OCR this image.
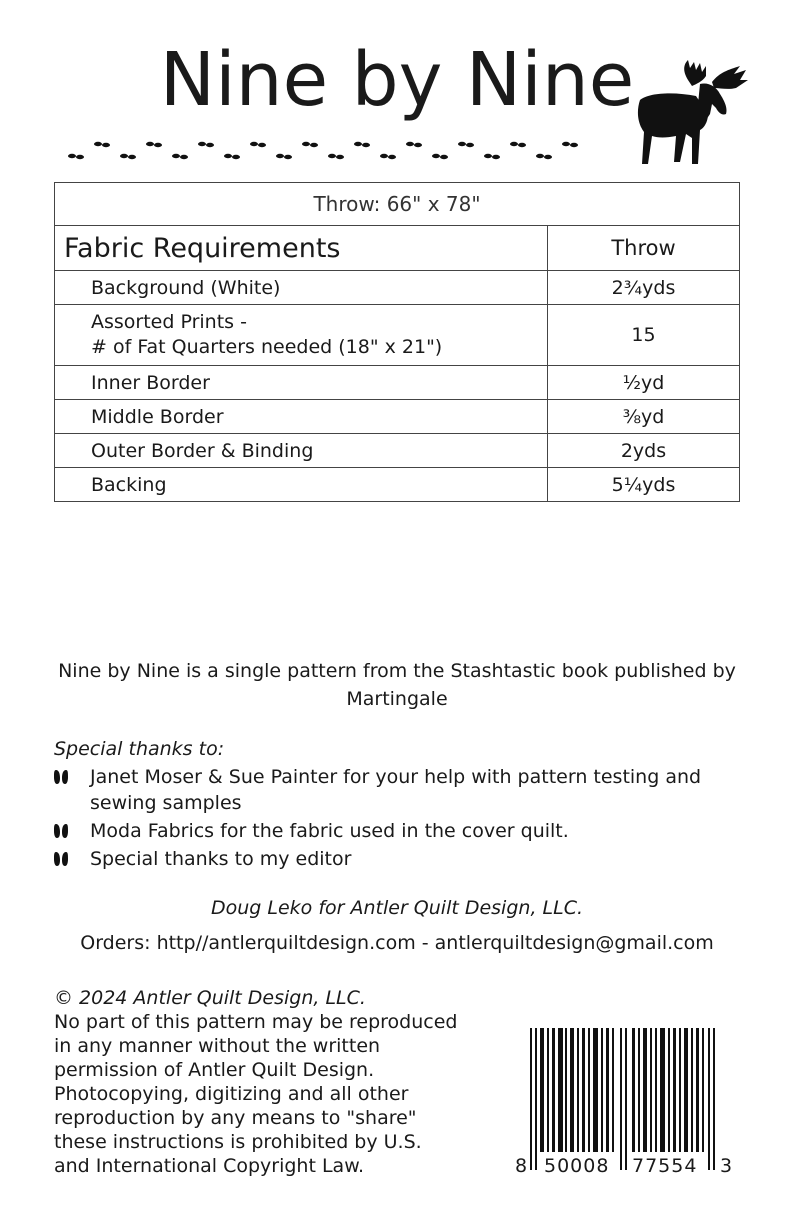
Nine by Nine
Throw: 66" x 78"	
Fabric Requirements	Throw
Background (White)	2¾yds

Assorted Prints -
# of Fat Quarters needed (18" x 21")	15
Inner Border	½yd
Middle Border	⅜yd
Outer Border & Binding	2yds
Backing	5¼yds
Nine by Nine is a single pattern from the Stashtastic book published by
Martingale

Special thanks to:

Janet Moser & Sue Painter for your help with pattern testing and
sewing samples
Moda Fabrics for the fabric used in the cover quilt.
Special thanks to my editor

Doug Leko for Antler Quilt Design, LLC.

Orders: http//antlerquiltdesign.com - antlerquiltdesign@gmail.com

© 2024 Antler Quilt Design, LLC.
No part of this pattern may be reproduced
in any manner without the written
permission of Antler Quilt Design.
Photocopying, digitizing and all other
reproduction by any means to "share"
these instructions is prohibited by U.S.
and International Copyright Law.	8 50008 77554 3
